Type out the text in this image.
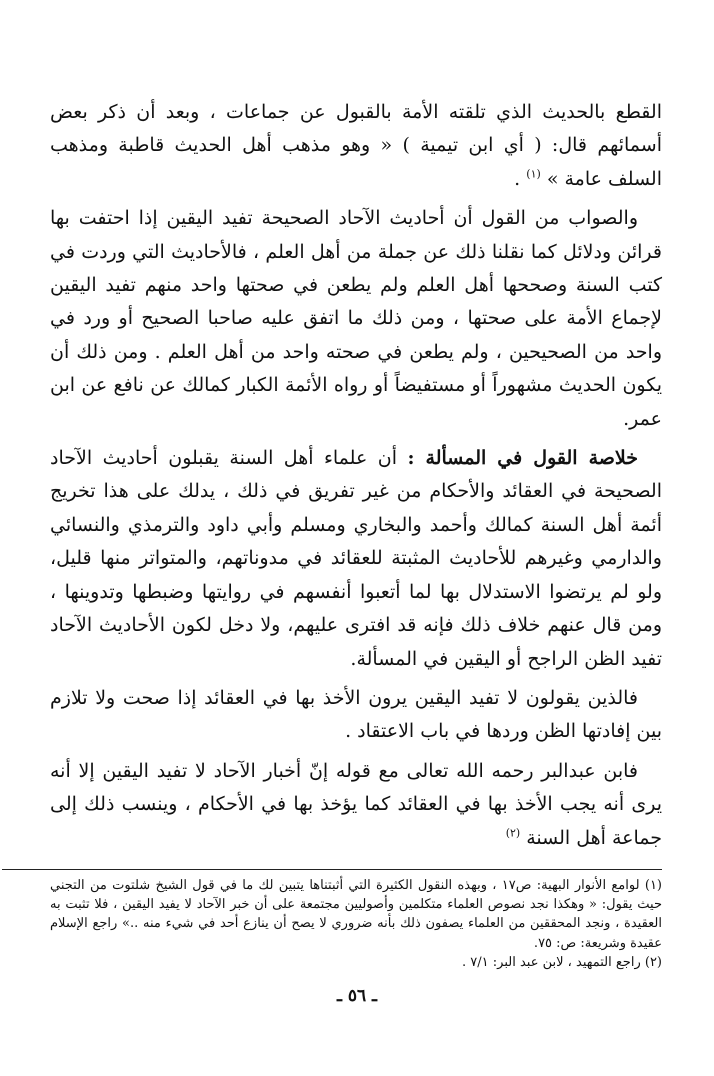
القطع بالحديث الذي تلقته الأمة بالقبول عن جماعات ، وبعد أن ذكر بعض أسمائهم قال: ( أي ابن تيمية ) « وهو مذهب أهل الحديث قاطبة ومذهب السلف عامة » $^{(١)}$ .

والصواب من القول أن أحاديث الآحاد الصحيحة تفيد اليقين إذا احتفت بها قرائن ودلائل كما نقلنا ذلك عن جملة من أهل العلم ، فالأحاديث التي وردت في كتب السنة وصححها أهل العلم ولم يطعن في صحتها واحد منهم تفيد اليقين لإجماع الأمة على صحتها ، ومن ذلك ما اتفق عليه صاحبا الصحيح أو ورد في واحد من الصحيحين ، ولم يطعن في صحته واحد من أهل العلم . ومن ذلك أن يكون الحديث مشهوراً أو مستفيضاً أو رواه الأئمة الكبار كمالك عن نافع عن ابن عمر.

خلاصة القول في المسألة : أن علماء أهل السنة يقبلون أحاديث الآحاد الصحيحة في العقائد والأحكام من غير تفريق في ذلك ، يدلك على هذا تخريج أئمة أهل السنة كمالك وأحمد والبخاري ومسلم وأبي داود والترمذي والنسائي والدارمي وغيرهم للأحاديث المثبتة للعقائد في مدوناتهم، والمتواتر منها قليل، ولو لم يرتضوا الاستدلال بها لما أتعبوا أنفسهم في روايتها وضبطها وتدوينها ، ومن قال عنهم خلاف ذلك فإنه قد افترى عليهم، ولا دخل لكون الأحاديث الآحاد تفيد الظن الراجح أو اليقين في المسألة.

فالذين يقولون لا تفيد اليقين يرون الأخذ بها في العقائد إذا صحت ولا تلازم بين إفادتها الظن وردها في باب الاعتقاد .

فابن عبدالبر رحمه الله تعالى مع قوله إنّ أخبار الآحاد لا تفيد اليقين إلا أنه يرى أنه يجب الأخذ بها في العقائد كما يؤخذ بها في الأحكام ، وينسب ذلك إلى جماعة أهل السنة $^{(٢)}$

(١) لوامع الأنوار البهية: ص١٧ ، وبهذه النقول الكثيرة التي أثبتناها يتبين لك ما في قول الشيخ شلتوت من التجني حيث يقول: « وهكذا نجد نصوص العلماء متكلمين وأصوليين مجتمعة على أن خبر الآحاد لا يفيد اليقين ، فلا تثبت به العقيدة ، ونجد المحققين من العلماء يصفون ذلك بأنه ضروري لا يصح أن ينازع أحد في شيء منه ..» راجع الإسلام عقيدة وشريعة: ص: ٧٥.

(٢) راجع التمهيد ، لابن عبد البر: ٧/١ .

ـ ٥٦ ـ
